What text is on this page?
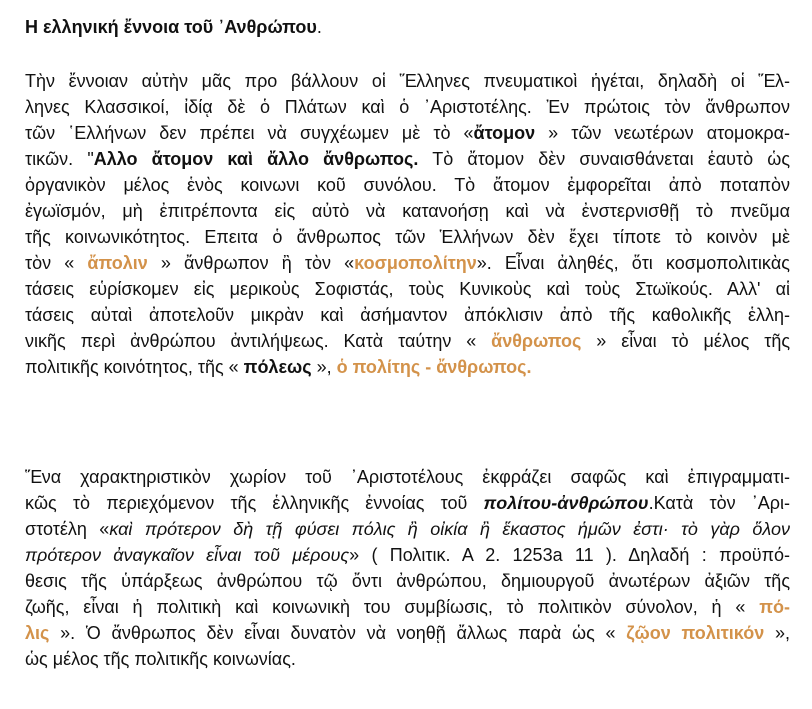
Η ελληνική ἔννοια τοῦ ᾿Ανθρώπου.

Τὴν ἔννοιαν αὐτὴν μᾶς προ βάλλουν οἱ Ἕλληνες πνευματικοὶ ἡγέται, δηλαδὴ οἱ Ἕλ-
ληνες Κλασσικοί, ἰδίᾳ δὲ ὁ Πλάτων καὶ ὁ ᾿Αριστοτέλης. Ἐν πρώτοις τὸν ἄνθρωπον
τῶν ῾Ελλήνων δεν πρέπει νὰ συγχέωμεν μὲ τὸ «ἄτομον » τῶν νεωτέρων ατομοκρα-
τικῶν. "Αλλο ἄτομον καὶ ἄλλο ἄνθρωπος. Τὸ ἄτομον δὲν συναισθάνεται ἑαυτὸ ὡς
ὀργανικὸν μέλος ἑνὸς κοινωνι κοῦ συνόλου. Τὸ ἄτομον ἐμφορεῖται ἀπὸ ποταπὸν
ἐγωϊσμόν, μὴ ἐπιτρέποντα εἰς αὐτὸ νὰ κατανοήσῃ καὶ νὰ ἐνστερνισθῇ τὸ πνεῦμα
τῆς κοινωνικότητος. Επειτα ὁ ἄνθρωπος τῶν Ἑλλήνων δὲν ἔχει τίποτε τὸ κοινὸν μὲ
τὸν « ἄπολιν » ἄνθρωπον ἢ τὸν «κοσμοπολίτην». Εἶναι ἀληθές, ὅτι κοσμοπολιτικὰς
τάσεις εὑρίσκομεν εἰς μερικοὺς Σοφιστάς, τοὺς Κυνικοὺς καὶ τοὺς Στωϊκούς. Αλλ' αἱ
τάσεις αὐταὶ ἀποτελοῦν μικρὰν καὶ ἀσήμαντον ἀπόκλισιν ἀπὸ τῆς καθολικῆς ἑλλη-
νικῆς περὶ ἀνθρώπου ἀντιλήψεως. Κατὰ ταύτην « ἄνθρωπος » εἶναι τὸ μέλος τῆς
πολιτικῆς κοινότητος, τῆς « πόλεως », ὁ πολίτης - ἄνθρωπος.

Ἕνα χαρακτηριστικὸν χωρίον τοῦ ᾿Αριστοτέλους ἐκφράζει σαφῶς καὶ ἐπιγραμματι-
κῶς τὸ περιεχόμενον τῆς ἑλληνικῆς ἐννοίας τοῦ πολίτου-ἀνθρώπου.Κατὰ τὸν ᾿Αρι-
στοτέλη «καὶ πρότερον δὴ τῇ φύσει πόλις ἢ οἰκία ἢ ἕκαστος ἡμῶν ἐστι· τὸ γὰρ ὅλον
πρότερον ἀναγκαῖον εἶναι τοῦ μέρους» ( Πολιτικ. Α 2. 1253a 11 ). Δηλαδή : προϋπό-
θεσις τῆς ὑπάρξεως ἀνθρώπου τῷ ὄντι ἀνθρώπου, δημιουργοῦ ἀνωτέρων ἀξιῶν τῆς
ζωῆς, εἶναι ἡ πολιτικὴ καὶ κοινωνικὴ του συμβίωσις, τὸ πολιτικὸν σύνολον, ἡ « πό-
λις ». Ὁ ἄνθρωπος δὲν εἶναι δυνατὸν νὰ νοηθῇ ἄλλως παρὰ ὡς « ζῷον πολιτικόν »,
ὡς μέλος τῆς πολιτικῆς κοινωνίας.
